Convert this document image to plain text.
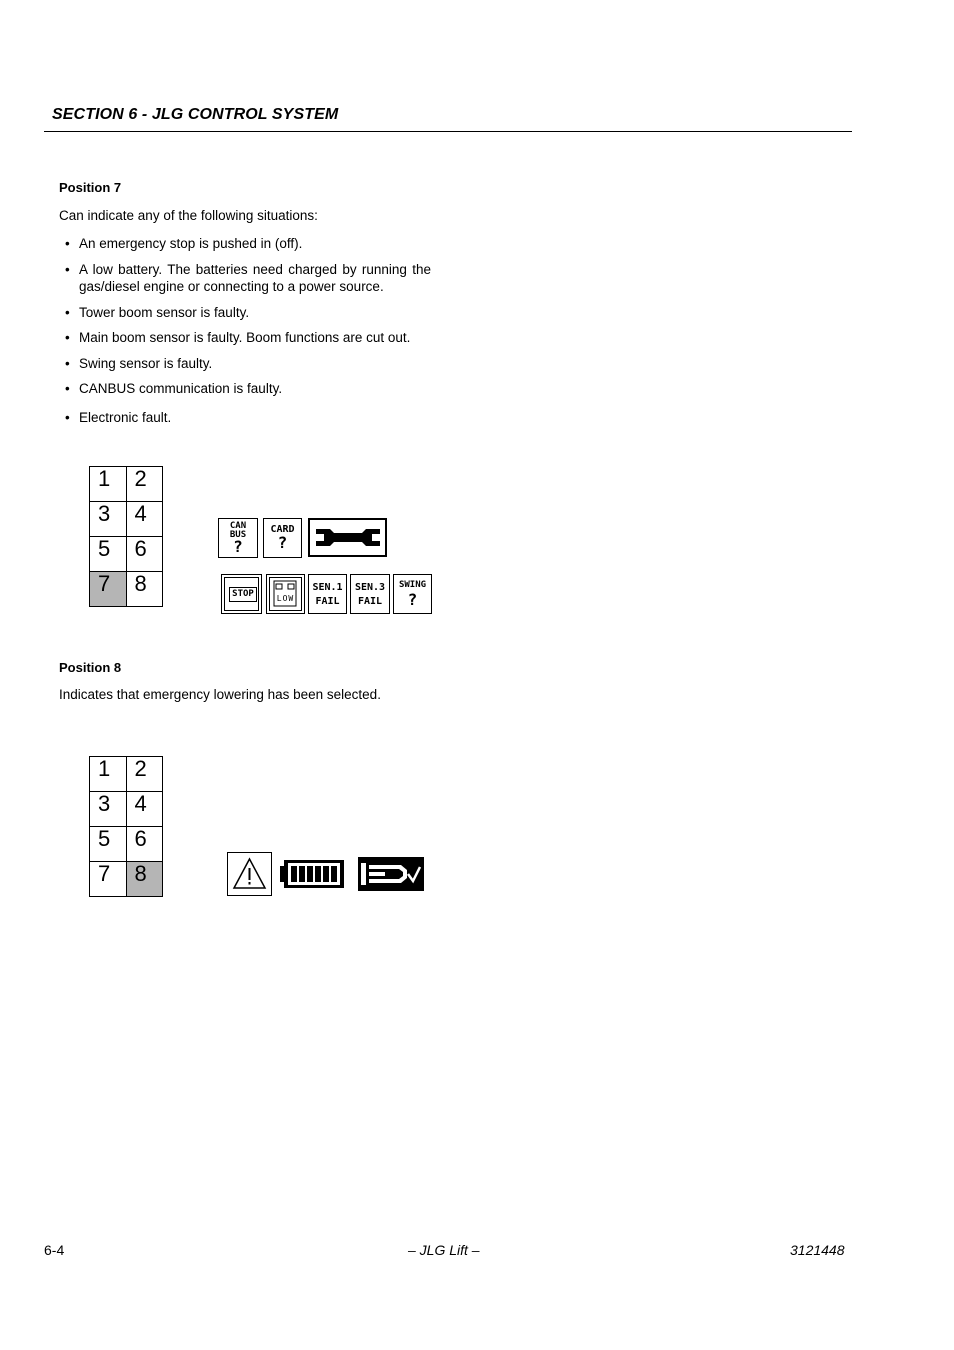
SECTION 6 - JLG CONTROL SYSTEM
Position 7
Can indicate any of the following situations:
• An emergency stop is pushed in (off).
• A low battery. The batteries need charged by running the gas/diesel engine or connecting to a power source.
• Tower boom sensor is faulty.
• Main boom sensor is faulty. Boom functions are cut out.
• Swing sensor is faulty.
• CANBUS communication is faulty.
• Electronic fault.
1	2
3	4
5	6
7	8
CAN
BUS
?
CARD
?
STOP	LOW
SEN.1
FAIL
SEN.3
FAIL
SWING
?
Position 8
Indicates that emergency lowering has been selected.
1	2
3	4
5	6
7	8
6-4	– JLG Lift –	3121448
